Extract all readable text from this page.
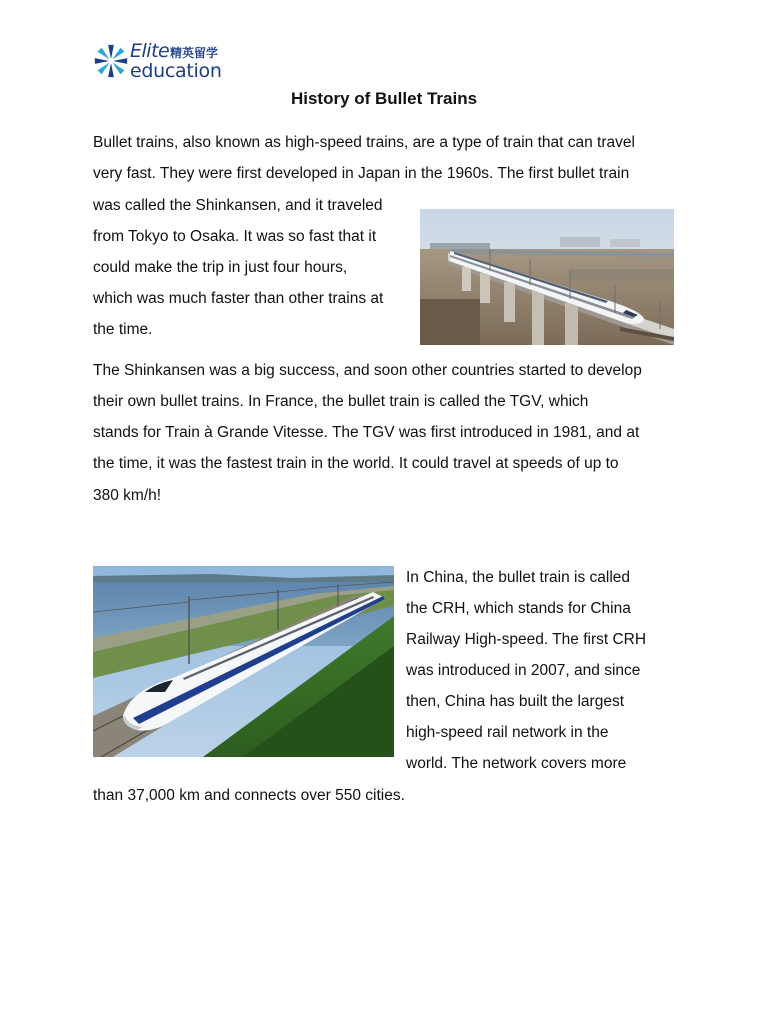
Elite 精英留学
education
History of Bullet Trains

Bullet trains, also known as high-speed trains, are a type of train that can travel

very fast. They were first developed in Japan in the 1960s. The first bullet train

was called the Shinkansen, and it traveled

from Tokyo to Osaka. It was so fast that it

could make the trip in just four hours,

which was much faster than other trains at

the time.

The Shinkansen was a big success, and soon other countries started to develop

their own bullet trains. In France, the bullet train is called the TGV, which

stands for Train à Grande Vitesse. The TGV was first introduced in 1981, and at

the time, it was the fastest train in the world. It could travel at speeds of up to

380 km/h!

In China, the bullet train is called

the CRH, which stands for China

Railway High-speed. The first CRH

was introduced in 2007, and since

then, China has built the largest

high-speed rail network in the

world. The network covers more

than 37,000 km and connects over 550 cities.
